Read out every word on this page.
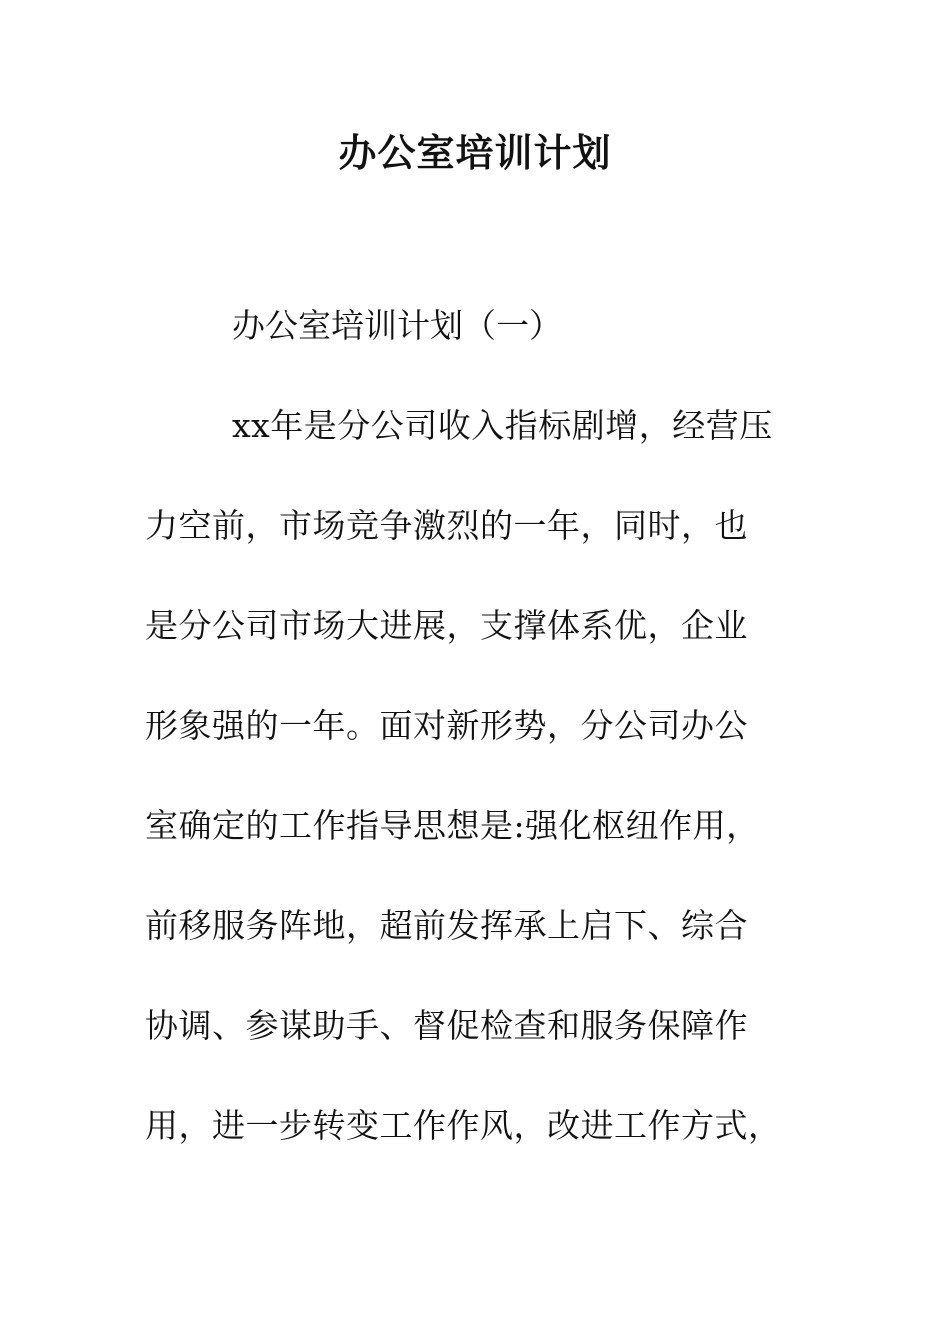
办公室培训计划
办公室培训计划（一）
xx年是分公司收入指标剧增，经营压
力空前，市场竞争激烈的一年，同时，也
是分公司市场大进展，支撑体系优，企业
形象强的一年。面对新形势，分公司办公
室确定的工作指导思想是:强化枢纽作用，
前移服务阵地，超前发挥承上启下、综合
协调、参谋助手、督促检查和服务保障作
用，进一步转变工作作风，改进工作方式，
